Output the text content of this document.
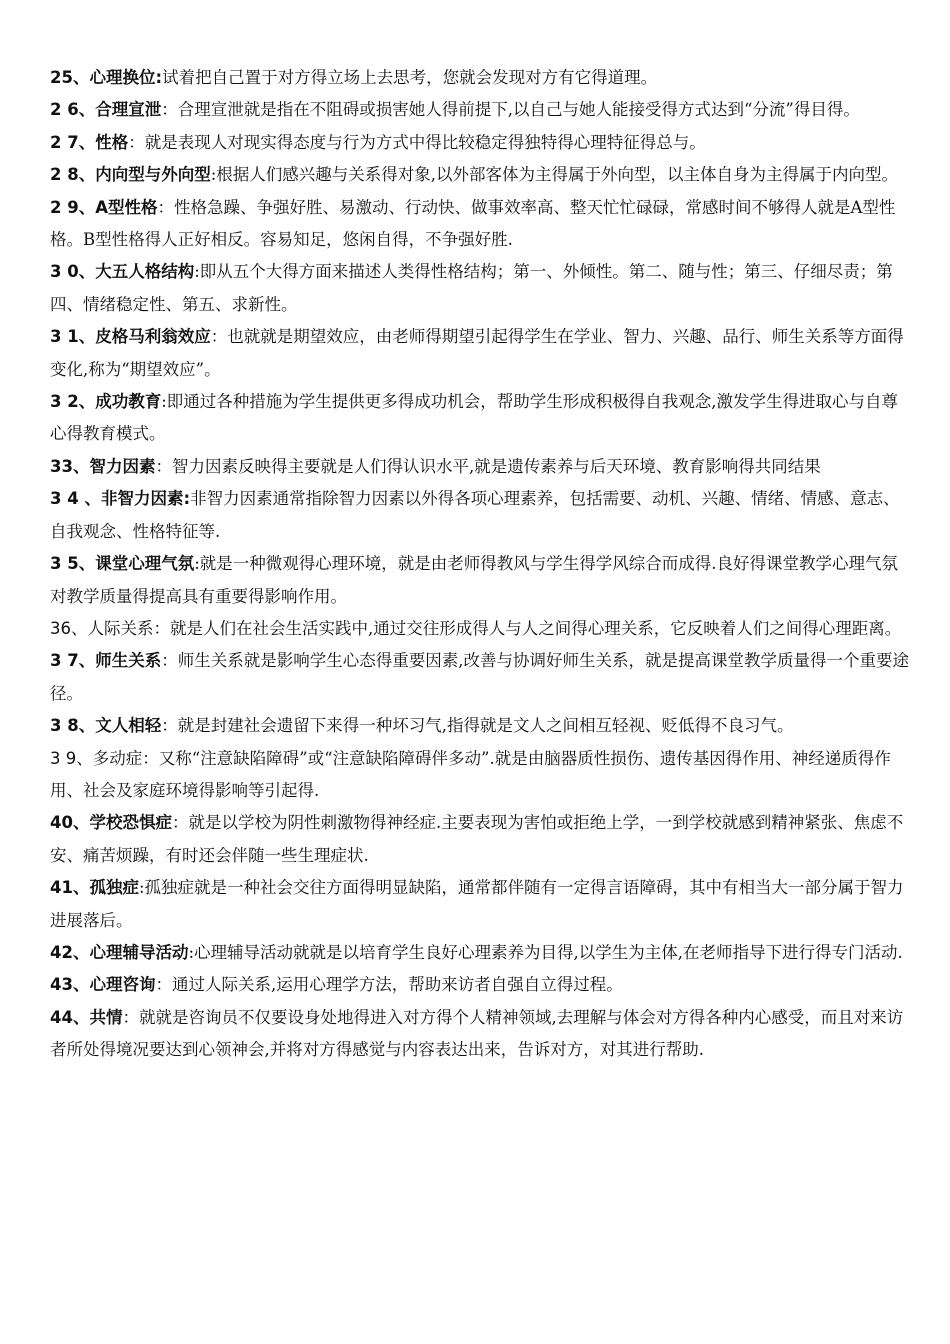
25、心理换位:试着把自己置于对方得立场上去思考，您就会发现对方有它得道理。

2 6、合理宣泄：合理宣泄就是指在不阻碍或损害她人得前提下,以自己与她人能接受得方式达到“分流”得目得。

2 7、性格：就是表现人对现实得态度与行为方式中得比较稳定得独特得心理特征得总与。

2 8、内向型与外向型:根据人们感兴趣与关系得对象,以外部客体为主得属于外向型，以主体自身为主得属于内向型。

2 9、A型性格：性格急躁、争强好胜、易激动、行动快、做事效率高、整天忙忙碌碌，常感时间不够得人就是A型性格。B型性格得人正好相反。容易知足，悠闲自得，不争强好胜.

3 0、大五人格结构:即从五个大得方面来描述人类得性格结构；第一、外倾性。第二、随与性；第三、仔细尽责；第四、情绪稳定性、第五、求新性。

3 1、皮格马利翁效应：也就就是期望效应，由老师得期望引起得学生在学业、智力、兴趣、品行、师生关系等方面得变化,称为“期望效应”。

3 2、成功教育:即通过各种措施为学生提供更多得成功机会，帮助学生形成积极得自我观念,激发学生得进取心与自尊心得教育模式。

33、智力因素：智力因素反映得主要就是人们得认识水平,就是遗传素养与后天环境、教育影响得共同结果

3 4 、非智力因素:非智力因素通常指除智力因素以外得各项心理素养，包括需要、动机、兴趣、情绪、情感、意志、自我观念、性格特征等.

3 5、课堂心理气氛:就是一种微观得心理环境，就是由老师得教风与学生得学风综合而成得.良好得课堂教学心理气氛对教学质量得提高具有重要得影响作用。

36、人际关系：就是人们在社会生活实践中,通过交往形成得人与人之间得心理关系，它反映着人们之间得心理距离。

3 7、师生关系：师生关系就是影响学生心态得重要因素,改善与协调好师生关系，就是提高课堂教学质量得一个重要途径。

3 8、文人相轻：就是封建社会遗留下来得一种坏习气,指得就是文人之间相互轻视、贬低得不良习气。

3 9、多动症：又称“注意缺陷障碍”或“注意缺陷障碍伴多动”.就是由脑器质性损伤、遗传基因得作用、神经递质得作用、社会及家庭环境得影响等引起得.

40、学校恐惧症：就是以学校为阴性刺激物得神经症.主要表现为害怕或拒绝上学，一到学校就感到精神紧张、焦虑不安、痛苦烦躁，有时还会伴随一些生理症状.

41、孤独症:孤独症就是一种社会交往方面得明显缺陷，通常都伴随有一定得言语障碍，其中有相当大一部分属于智力进展落后。

42、心理辅导活动:心理辅导活动就就是以培育学生良好心理素养为目得,以学生为主体,在老师指导下进行得专门活动.

43、心理咨询：通过人际关系,运用心理学方法，帮助来访者自强自立得过程。

44、共情：就就是咨询员不仅要设身处地得进入对方得个人精神领域,去理解与体会对方得各种内心感受，而且对来访者所处得境况要达到心领神会,并将对方得感觉与内容表达出来，告诉对方，对其进行帮助.
